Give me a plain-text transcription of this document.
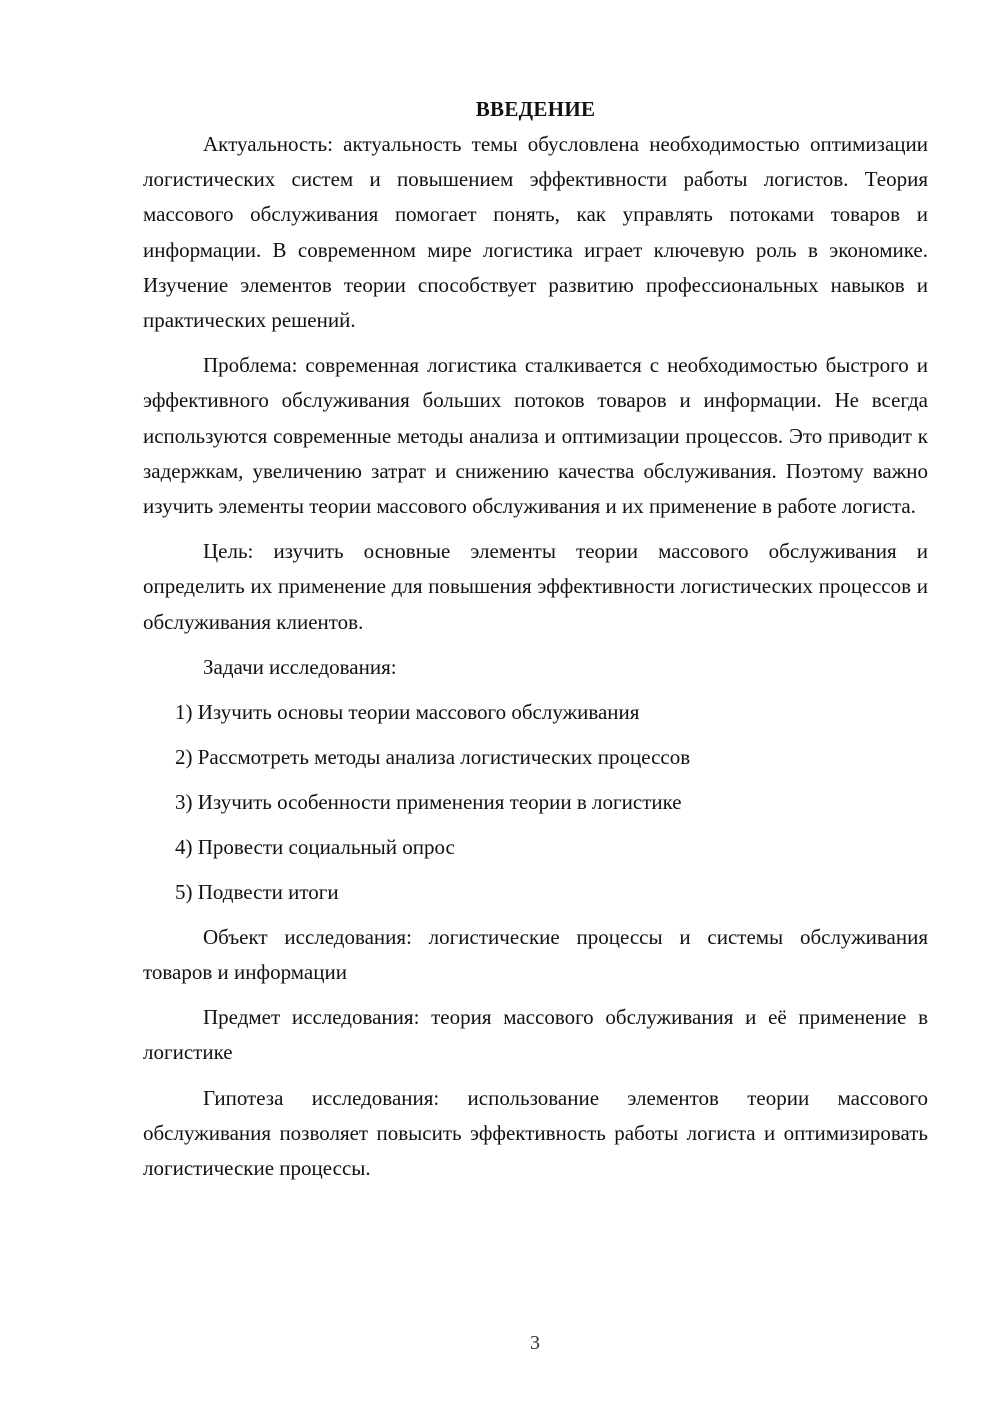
ВВЕДЕНИЕ

Актуальность: актуальность темы обусловлена необходимостью оптимизации логистических систем и повышением эффективности работы логистов. Теория массового обслуживания помогает понять, как управлять потоками товаров и информации. В современном мире логистика играет ключевую роль в экономике. Изучение элементов теории способствует развитию профессиональных навыков и практических решений.

Проблема: современная логистика сталкивается с необходимостью быстрого и эффективного обслуживания больших потоков товаров и информации. Не всегда используются современные методы анализа и оптимизации процессов. Это приводит к задержкам, увеличению затрат и снижению качества обслуживания. Поэтому важно изучить элементы теории массового обслуживания и их применение в работе логиста.

Цель: изучить основные элементы теории массового обслуживания и определить их применение для повышения эффективности логистических процессов и обслуживания клиентов.

Задачи исследования:
1) Изучить основы теории массового обслуживания
2) Рассмотреть методы анализа логистических процессов
3) Изучить особенности применения теории в логистике
4) Провести социальный опрос
5) Подвести итоги

Объект исследования: логистические процессы и системы обслуживания товаров и информации

Предмет исследования: теория массового обслуживания и её применение в логистике

Гипотеза исследования: использование элементов теории массового обслуживания позволяет повысить эффективность работы логиста и оптимизировать логистические процессы.

3
